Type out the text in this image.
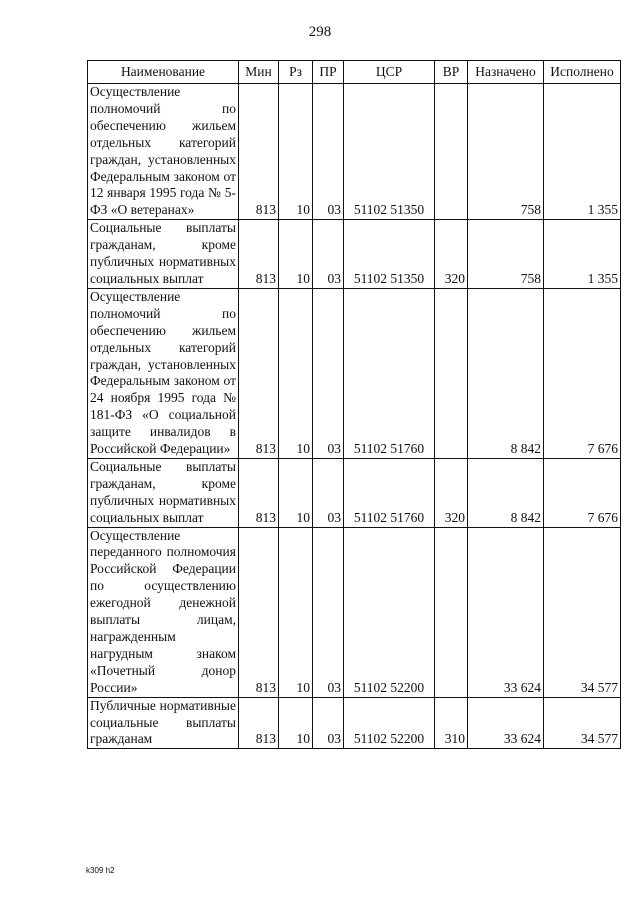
298
Наименование	Мин	Рз	ПР	ЦСР	ВР	Назначено	Исполнено
Осуществление полномочий по обеспечению жильем отдельных категорий граждан, установленных Федеральным законом от 12 января 1995 года № 5-ФЗ «О ветеранах»	813	10	03	51102 51350		758	1 355
Социальные выплаты гражданам, кроме публичных нормативных социальных выплат	813	10	03	51102 51350	320	758	1 355
Осуществление полномочий по обеспечению жильем отдельных категорий граждан, установленных Федеральным законом от 24 ноября 1995 года № 181-ФЗ «О социальной защите инвалидов в Российской Федерации»	813	10	03	51102 51760		8 842	7 676
Социальные выплаты гражданам, кроме публичных нормативных социальных выплат	813	10	03	51102 51760	320	8 842	7 676
Осуществление переданного полномочия Российской Федерации по осуществлению ежегодной денежной выплаты лицам, награжденным нагрудным знаком «Почетный донор России»	813	10	03	51102 52200		33 624	34 577
Публичные нормативные социальные выплаты гражданам	813	10	03	51102 52200	310	33 624	34 577
k309 h2
